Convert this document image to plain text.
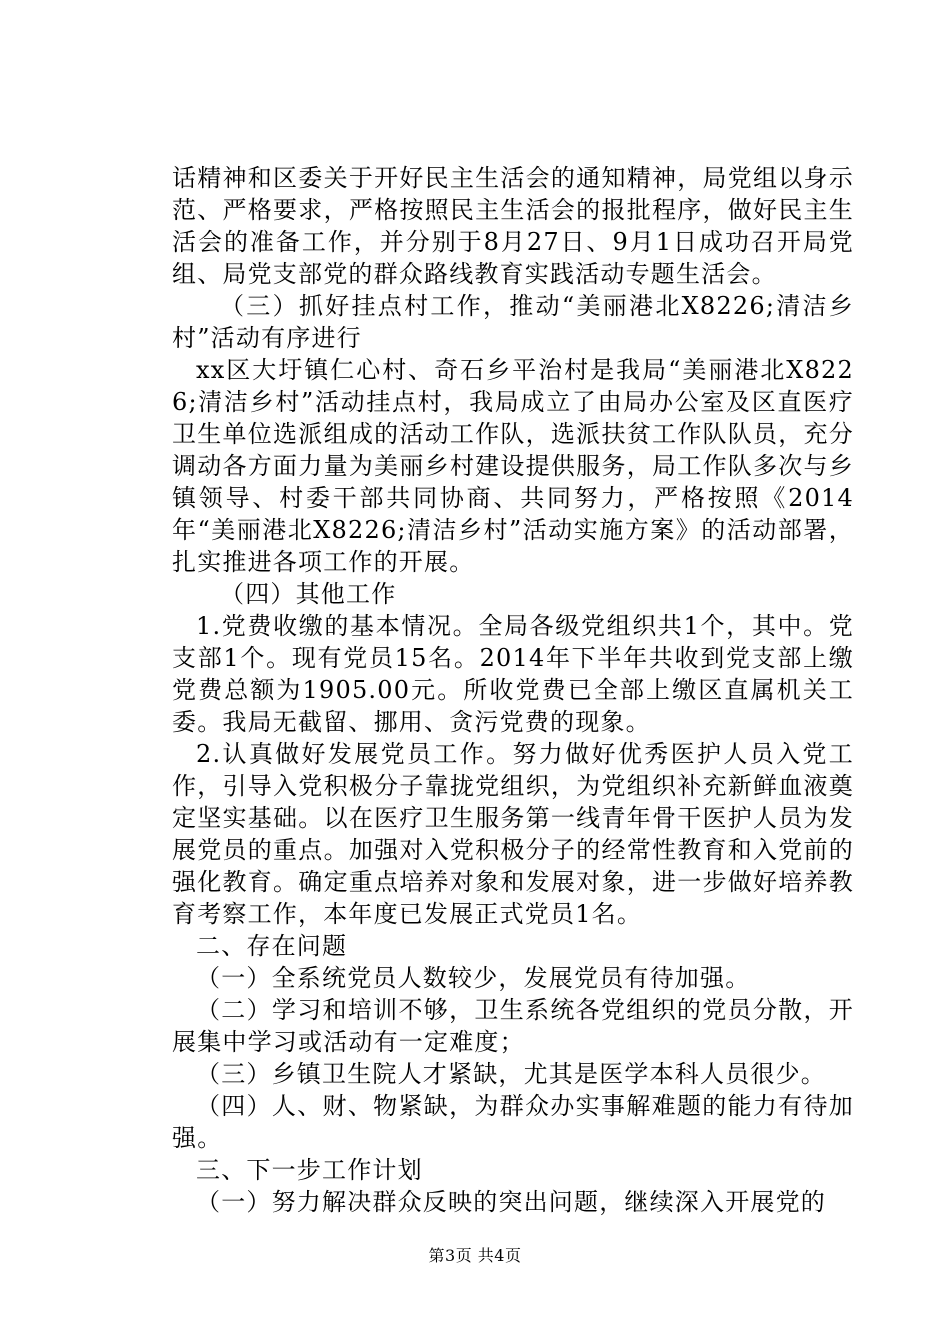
话精神和区委关于开好民主生活会的通知精神，局党组以身示范、严格要求，严格按照民主生活会的报批程序，做好民主生活会的准备工作，并分别于8月27日、9月1日成功召开局党组、局党支部党的群众路线教育实践活动专题生活会。

（三）抓好挂点村工作，推动“美丽港北X8226;清洁乡村”活动有序进行

xx区大圩镇仁心村、奇石乡平治村是我局“美丽港北X8226;清洁乡村”活动挂点村，我局成立了由局办公室及区直医疗卫生单位选派组成的活动工作队，选派扶贫工作队队员，充分调动各方面力量为美丽乡村建设提供服务，局工作队多次与乡镇领导、村委干部共同协商、共同努力，严格按照《2014年“美丽港北X8226;清洁乡村”活动实施方案》的活动部署，扎实推进各项工作的开展。

（四）其他工作

1.党费收缴的基本情况。全局各级党组织共1个，其中。党支部1个。现有党员15名。2014年下半年共收到党支部上缴党费总额为1905.00元。所收党费已全部上缴区直属机关工委。我局无截留、挪用、贪污党费的现象。

2.认真做好发展党员工作。努力做好优秀医护人员入党工作，引导入党积极分子靠拢党组织，为党组织补充新鲜血液奠定坚实基础。以在医疗卫生服务第一线青年骨干医护人员为发展党员的重点。加强对入党积极分子的经常性教育和入党前的强化教育。确定重点培养对象和发展对象，进一步做好培养教育考察工作，本年度已发展正式党员1名。

二、存在问题

（一）全系统党员人数较少，发展党员有待加强。

（二）学习和培训不够，卫生系统各党组织的党员分散，开展集中学习或活动有一定难度；

（三）乡镇卫生院人才紧缺，尤其是医学本科人员很少。

（四）人、财、物紧缺，为群众办实事解难题的能力有待加强。

三、下一步工作计划

（一）努力解决群众反映的突出问题，继续深入开展党的

第3页 共4页
